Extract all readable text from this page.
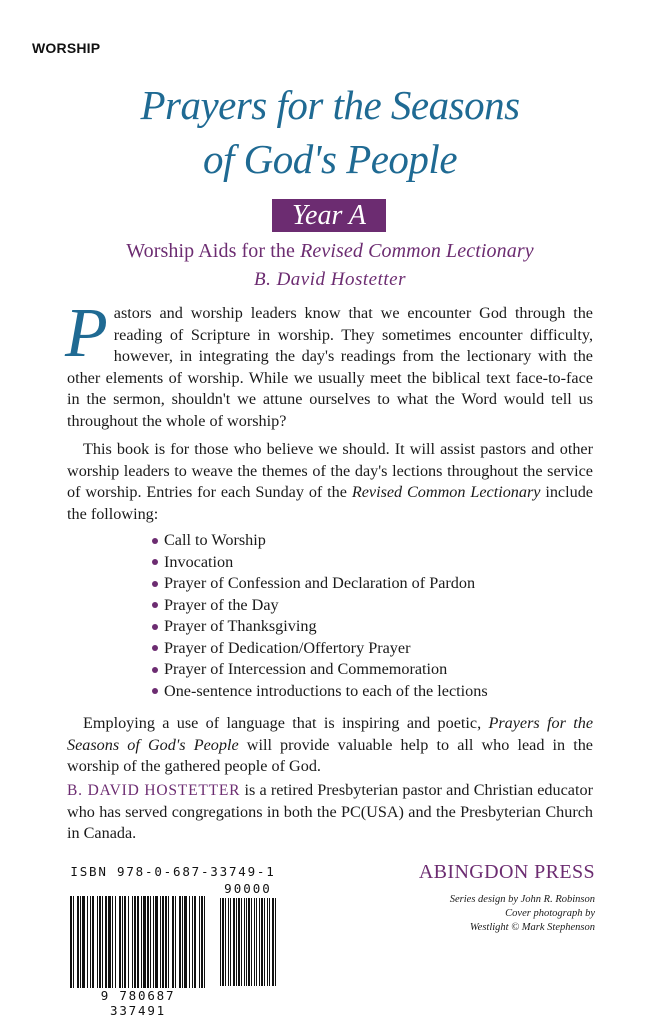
WORSHIP
Prayers for the Seasons
of God's People
Year A
Worship Aids for the Revised Common Lectionary
B. David Hostetter
Pastors and worship leaders know that we encounter God through the reading of Scripture in worship. They sometimes encounter difficulty, however, in integrating the day's readings from the lectionary with the other elements of worship. While we usually meet the biblical text face-to-face in the sermon, shouldn't we attune ourselves to what the Word would tell us throughout the whole of worship?
This book is for those who believe we should. It will assist pastors and other worship leaders to weave the themes of the day's lections throughout the service of worship. Entries for each Sunday of the Revised Common Lectionary include the following:
Call to Worship
Invocation
Prayer of Confession and Declaration of Pardon
Prayer of the Day
Prayer of Thanksgiving
Prayer of Dedication/Offertory Prayer
Prayer of Intercession and Commemoration
One-sentence introductions to each of the lections
Employing a use of language that is inspiring and poetic, Prayers for the Seasons of God's People will provide valuable help to all who lead in the worship of the gathered people of God.
B. DAVID HOSTETTER is a retired Presbyterian pastor and Christian educator who has served congregations in both the PC(USA) and the Presbyterian Church in Canada.
ISBN 978-0-687-33749-1
90000
9 780687 337491
ABINGDON PRESS
Series design by John R. Robinson
Cover photograph by
Westlight © Mark Stephenson
